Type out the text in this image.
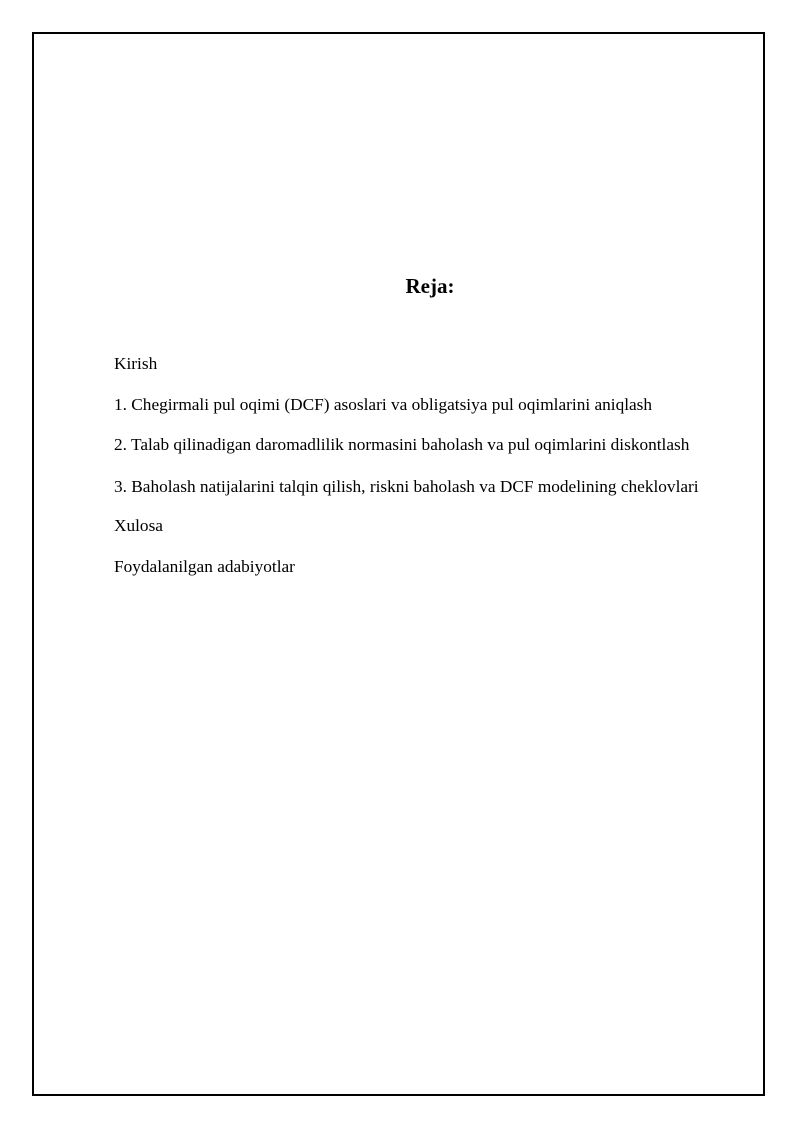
Reja:
Kirish
1. Chegirmali pul oqimi (DCF) asoslari va obligatsiya pul oqimlarini aniqlash
2. Talab qilinadigan daromadlilik normasini baholash va pul oqimlarini diskontlash
3. Baholash natijalarini talqin qilish, riskni baholash va DCF modelining cheklovlari
Xulosa
Foydalanilgan adabiyotlar
